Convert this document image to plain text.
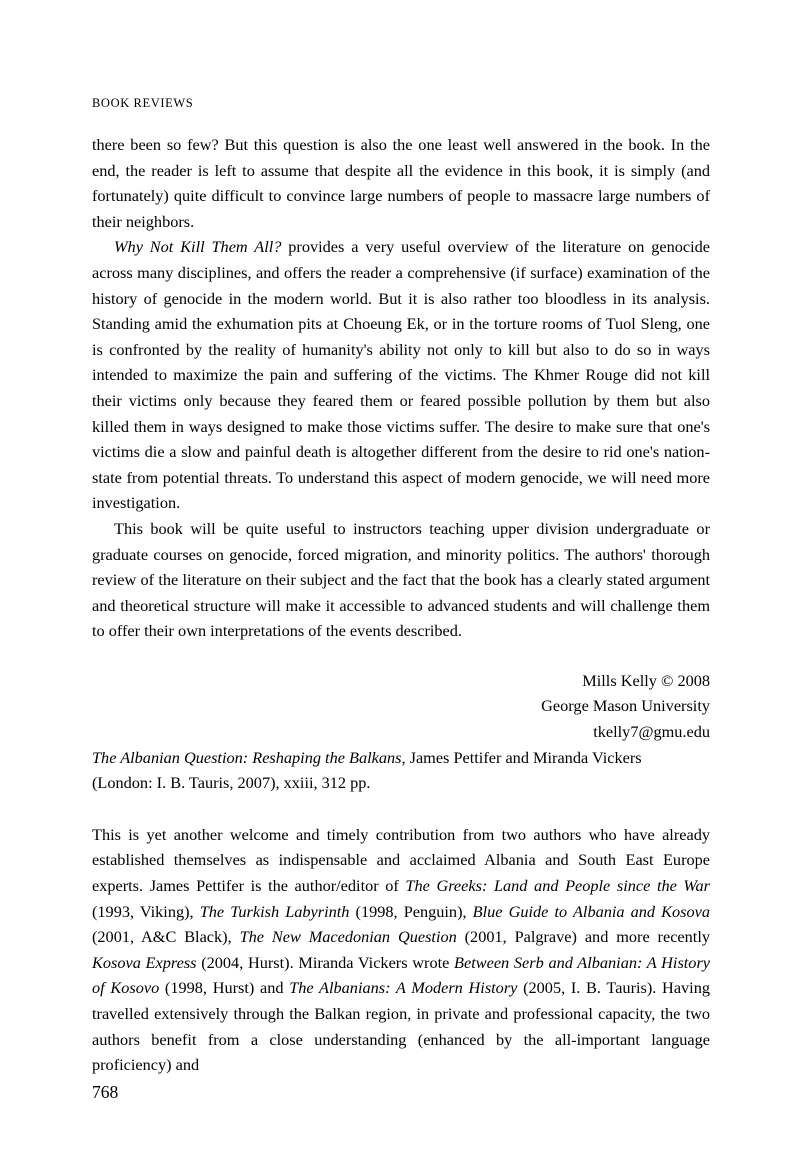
BOOK REVIEWS

there been so few? But this question is also the one least well answered in the book. In the end, the reader is left to assume that despite all the evidence in this book, it is simply (and fortunately) quite difficult to convince large numbers of people to massacre large numbers of their neighbors.

Why Not Kill Them All? provides a very useful overview of the literature on genocide across many disciplines, and offers the reader a comprehensive (if surface) examination of the history of genocide in the modern world. But it is also rather too bloodless in its analysis. Standing amid the exhumation pits at Choeung Ek, or in the torture rooms of Tuol Sleng, one is confronted by the reality of humanity's ability not only to kill but also to do so in ways intended to maximize the pain and suffering of the victims. The Khmer Rouge did not kill their victims only because they feared them or feared possible pollution by them but also killed them in ways designed to make those victims suffer. The desire to make sure that one's victims die a slow and painful death is altogether different from the desire to rid one's nation-state from potential threats. To understand this aspect of modern genocide, we will need more investigation.

This book will be quite useful to instructors teaching upper division undergraduate or graduate courses on genocide, forced migration, and minority politics. The authors' thorough review of the literature on their subject and the fact that the book has a clearly stated argument and theoretical structure will make it accessible to advanced students and will challenge them to offer their own interpretations of the events described.

Mills Kelly © 2008
George Mason University
tkelly7@gmu.edu

The Albanian Question: Reshaping the Balkans, James Pettifer and Miranda Vickers
(London: I. B. Tauris, 2007), xxiii, 312 pp.

This is yet another welcome and timely contribution from two authors who have already established themselves as indispensable and acclaimed Albania and South East Europe experts. James Pettifer is the author/editor of The Greeks: Land and People since the War (1993, Viking), The Turkish Labyrinth (1998, Penguin), Blue Guide to Albania and Kosova (2001, A&C Black), The New Macedonian Question (2001, Palgrave) and more recently Kosova Express (2004, Hurst). Miranda Vickers wrote Between Serb and Albanian: A History of Kosovo (1998, Hurst) and The Albanians: A Modern History (2005, I. B. Tauris). Having travelled extensively through the Balkan region, in private and professional capacity, the two authors benefit from a close understanding (enhanced by the all-important language proficiency) and

768
